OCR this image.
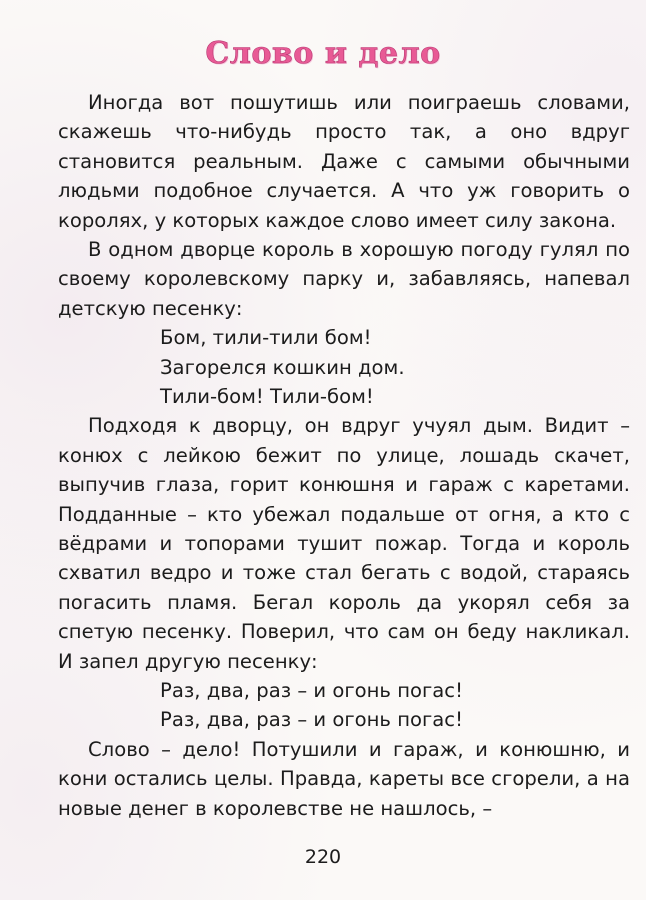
Слово и дело

Иногда вот пошутишь или поиграешь словами, скажешь что-нибудь просто так, а оно вдруг становится реальным. Даже с самыми обычными людьми подобное случается. А что уж говорить о королях, у которых каждое слово имеет силу закона.

В одном дворце король в хорошую погоду гулял по своему королевскому парку и, забавляясь, напевал детскую песенку:

Бом, тили-тили бом!
Загорелся кошкин дом.
Тили-бом! Тили-бом!

Подходя к дворцу, он вдруг учуял дым. Видит – конюх с лейкою бежит по улице, лошадь скачет, выпучив глаза, горит конюшня и гараж с каретами. Подданные – кто убежал подальше от огня, а кто с вёдрами и топорами тушит пожар. Тогда и король схватил ведро и тоже стал бегать с водой, стараясь погасить пламя. Бегал король да укорял себя за спетую песенку. Поверил, что сам он беду накликал. И запел другую песенку:

Раз, два, раз – и огонь погас!
Раз, два, раз – и огонь погас!

Слово – дело! Потушили и гараж, и конюшню, и кони остались целы. Правда, кареты все сгорели, а на новые денег в королевстве не нашлось, –

220
